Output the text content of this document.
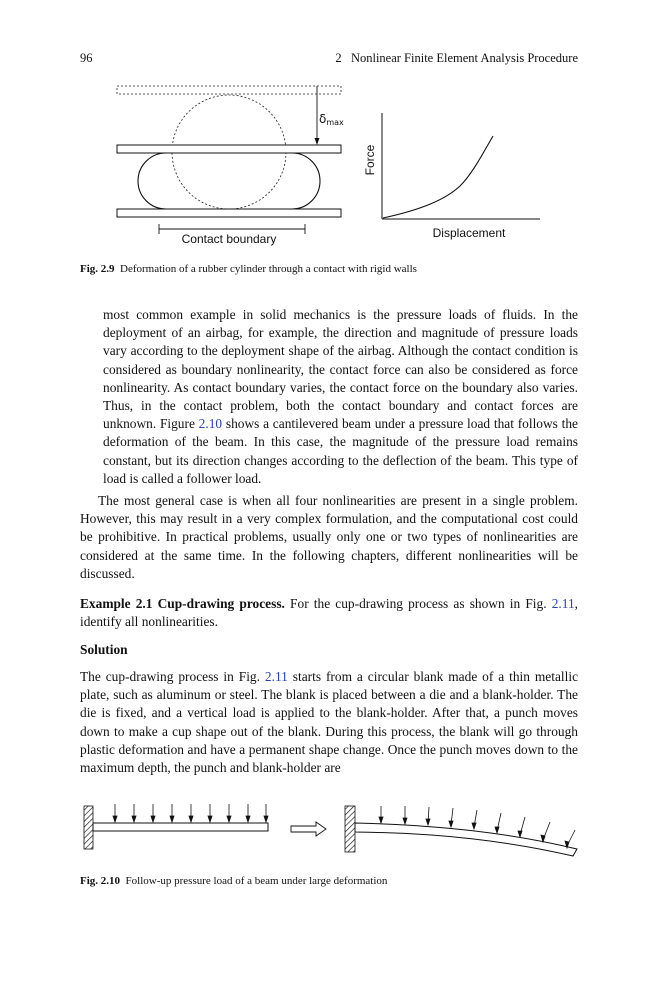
96	2   Nonlinear Finite Element Analysis Procedure
δmax
Contact boundary
Force
Displacement
Fig. 2.9 Deformation of a rubber cylinder through a contact with rigid walls

most common example in solid mechanics is the pressure loads of fluids. In the deployment of an airbag, for example, the direction and magnitude of pressure loads vary according to the deployment shape of the airbag. Although the contact condition is considered as boundary nonlinearity, the contact force can also be considered as force nonlinearity. As contact boundary varies, the contact force on the boundary also varies. Thus, in the contact problem, both the contact boundary and contact forces are unknown. Figure 2.10 shows a cantilevered beam under a pressure load that follows the deformation of the beam. In this case, the magnitude of the pressure load remains constant, but its direction changes according to the deflection of the beam. This type of load is called a follower load.

The most general case is when all four nonlinearities are present in a single problem. However, this may result in a very complex formulation, and the computational cost could be prohibitive. In practical problems, usually only one or two types of nonlinearities are considered at the same time. In the following chapters, different nonlinearities will be discussed.

Example 2.1 Cup-drawing process. For the cup-drawing process as shown in Fig. 2.11, identify all nonlinearities.

Solution

The cup-drawing process in Fig. 2.11 starts from a circular blank made of a thin metallic plate, such as aluminum or steel. The blank is placed between a die and a blank-holder. The die is fixed, and a vertical load is applied to the blank-holder. After that, a punch moves down to make a cup shape out of the blank. During this process, the blank will go through plastic deformation and have a permanent shape change. Once the punch moves down to the maximum depth, the punch and blank-holder are

Fig. 2.10 Follow-up pressure load of a beam under large deformation
